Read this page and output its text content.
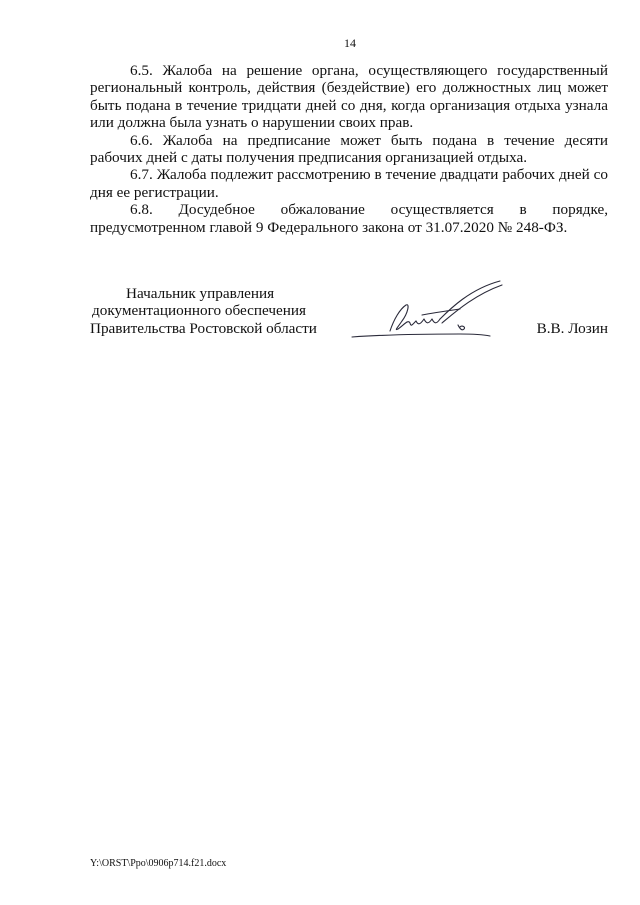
14

6.5. Жалоба на решение органа, осуществляющего государственный региональный контроль, действия (бездействие) его должностных лиц может быть подана в течение тридцати дней со дня, когда организация отдыха узнала или должна была узнать о нарушении своих прав.

6.6. Жалоба на предписание может быть подана в течение десяти рабочих дней с даты получения предписания организацией отдыха.

6.7. Жалоба подлежит рассмотрению в течение двадцати рабочих дней со дня ее регистрации.

6.8. Досудебное обжалование осуществляется в порядке, предусмотренном главой 9 Федерального закона от 31.07.2020 № 248-ФЗ.

Начальник управления
документационного обеспечения
Правительства Ростовской области	В.В. Лозин
Y:\ORST\Ppo\0906p714.f21.docx
